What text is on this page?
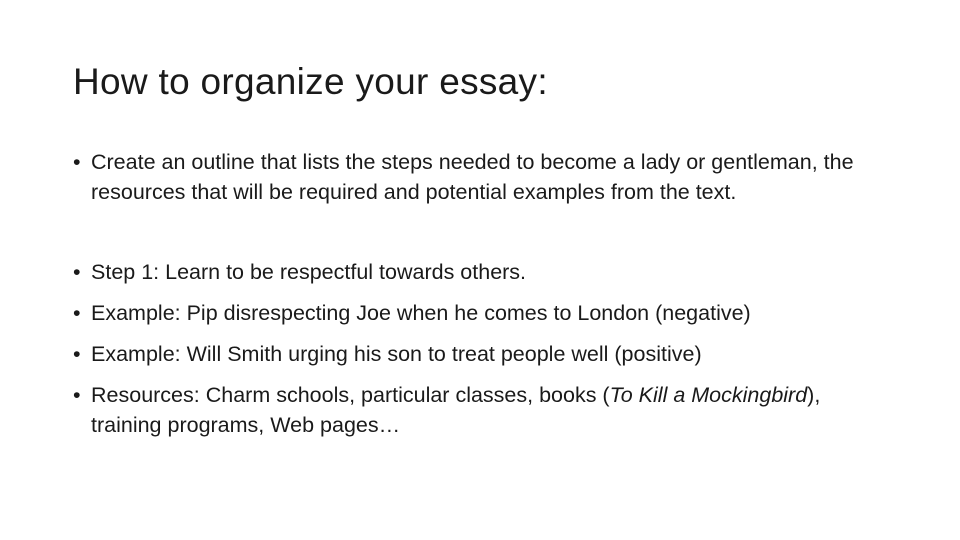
How to organize your essay:
• Create an outline that lists the steps needed to become a lady or gentleman, the resources that will be required and potential examples from the text.
• Step 1: Learn to be respectful towards others.
• Example: Pip disrespecting Joe when he comes to London (negative)
• Example: Will Smith urging his son to treat people well (positive)
• Resources: Charm schools, particular classes, books (To Kill a Mockingbird), training programs, Web pages…
